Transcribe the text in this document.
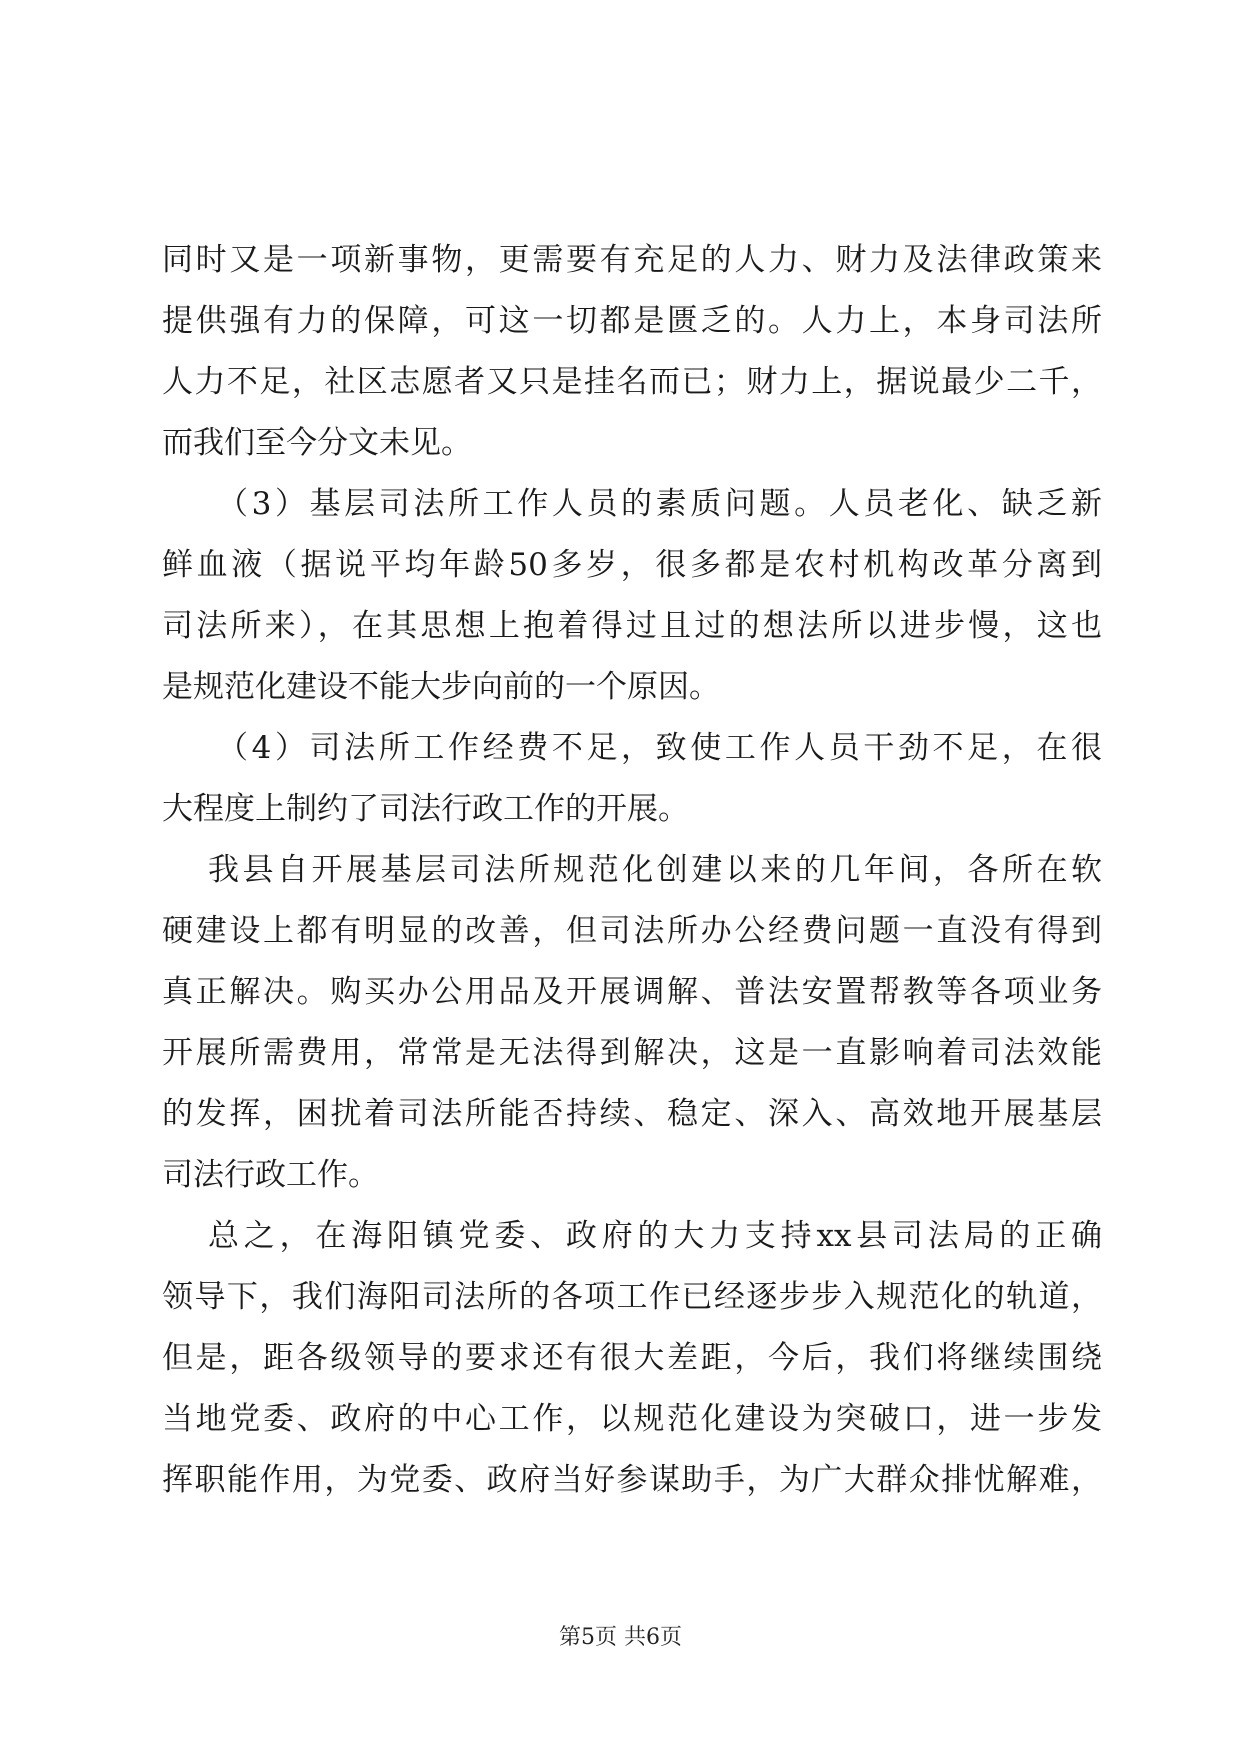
同时又是一项新事物，更需要有充足的人力、财力及法律政策来
提供强有力的保障，可这一切都是匮乏的。人力上，本身司法所
人力不足，社区志愿者又只是挂名而已；财力上，据说最少二千，
而我们至今分文未见。
（3）基层司法所工作人员的素质问题。人员老化、缺乏新
鲜血液（据说平均年龄50多岁，很多都是农村机构改革分离到
司法所来），在其思想上抱着得过且过的想法所以进步慢，这也
是规范化建设不能大步向前的一个原因。
（4）司法所工作经费不足，致使工作人员干劲不足，在很
大程度上制约了司法行政工作的开展。
我县自开展基层司法所规范化创建以来的几年间，各所在软
硬建设上都有明显的改善，但司法所办公经费问题一直没有得到
真正解决。购买办公用品及开展调解、普法安置帮教等各项业务
开展所需费用，常常是无法得到解决，这是一直影响着司法效能
的发挥，困扰着司法所能否持续、稳定、深入、高效地开展基层
司法行政工作。
总之，在海阳镇党委、政府的大力支持xx县司法局的正确
领导下，我们海阳司法所的各项工作已经逐步步入规范化的轨道，
但是，距各级领导的要求还有很大差距，今后，我们将继续围绕
当地党委、政府的中心工作，以规范化建设为突破口，进一步发
挥职能作用，为党委、政府当好参谋助手，为广大群众排忧解难，
第5页 共6页
